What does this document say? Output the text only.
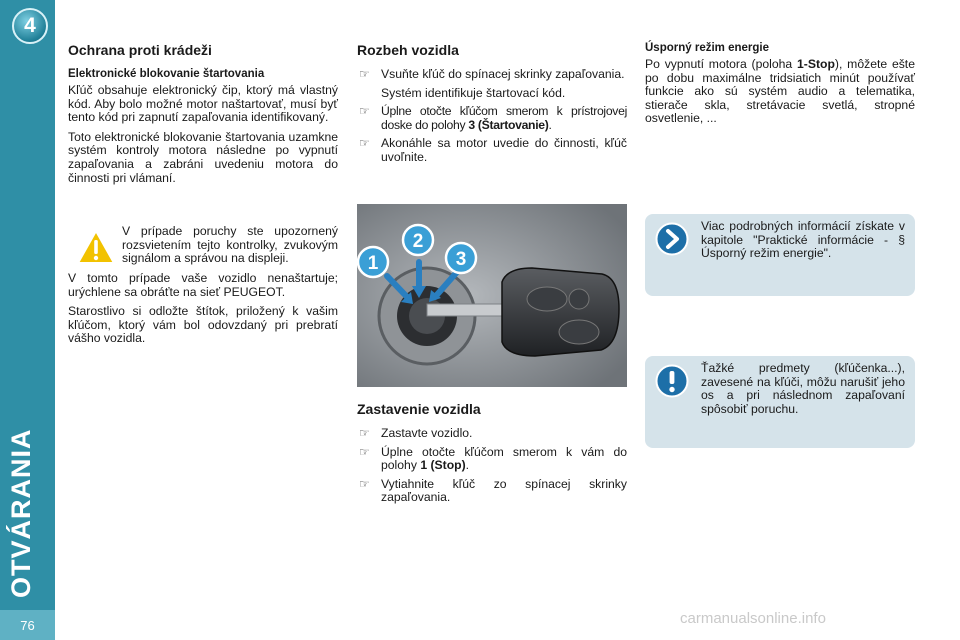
4
OTVÁRANIA
76
Ochrana proti krádeži
Elektronické blokovanie štartovania

Kľúč obsahuje elektronický čip, ktorý má vlastný kód. Aby bolo možné motor naštartovať, musí byť tento kód pri zapnutí zapaľovania identifikovaný.

Toto elektronické blokovanie štartovania uzamkne systém kontroly motora následne po vypnutí zapaľovania a zabráni uvedeniu motora do činnosti pri vlámaní.

V prípade poruchy ste upozornený rozsvietením tejto kontrolky, zvukovým signálom a správou na displeji.

V tomto prípade vaše vozidlo nenaštartuje; urýchlene sa obráťte na sieť PEUGEOT.

Starostlivo si odložte štítok, priložený k vašim kľúčom, ktorý vám bol odovzdaný pri prebratí vášho vozidla.

Rozbeh vozidla
☞ Vsuňte kľúč do spínacej skrinky zapaľovania.
Systém identifikuje štartovací kód.
☞ Úplne otočte kľúčom smerom k prístrojovej doske do polohy 3 (Štartovanie).
☞ Akonáhle sa motor uvedie do činnosti, kľúč uvoľnite.
1
2
3
Zastavenie vozidla
☞ Zastavte vozidlo.
☞ Úplne otočte kľúčom smerom k vám do polohy 1 (Stop).
☞ Vytiahnite kľúč zo spínacej skrinky zapaľovania.
Úsporný režim energie

Po vypnutí motora (poloha 1-Stop), môžete ešte po dobu maximálne tridsiatich minút používať funkcie ako sú systém audio a telematika, stierače skla, stretávacie svetlá, stropné osvetlenie, ...

Viac podrobných informácií získate v kapitole "Praktické informácie - § Úsporný režim energie".
Ťažké predmety (kľúčenka...), zavesené na kľúči, môžu narušiť jeho os a pri následnom zapaľovaní spôsobiť poruchu.
carmanualsonline.info
